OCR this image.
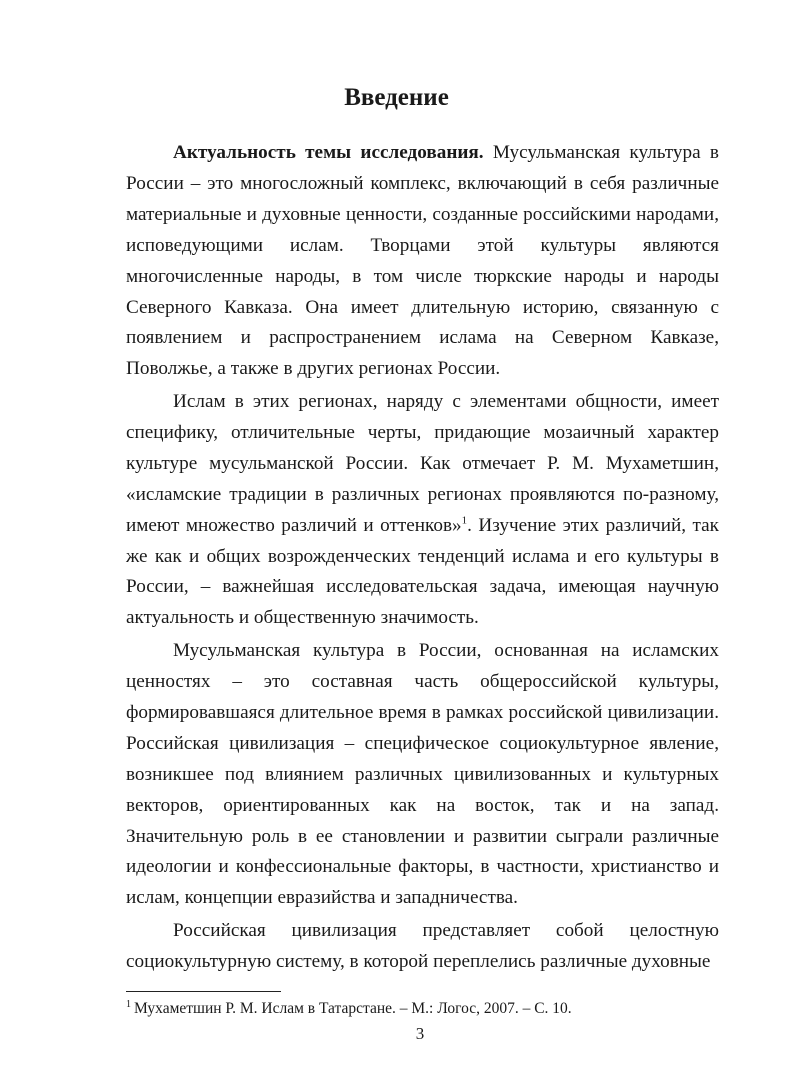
Введение

Актуальность темы исследования. Мусульманская культура в России – это многосложный комплекс, включающий в себя различные материальные и духовные ценности, созданные российскими народами, исповедующими ислам. Творцами этой культуры являются многочисленные народы, в том числе тюркские народы и народы Северного Кавказа. Она имеет длительную историю, связанную с появлением и распространением ислама на Северном Кавказе, Поволжье, а также в других регионах России.

Ислам в этих регионах, наряду с элементами общности, имеет специфику, отличительные черты, придающие мозаичный характер культуре мусульманской России. Как отмечает Р. М. Мухаметшин, «исламские традиции в различных регионах проявляются по-разному, имеют множество различий и оттенков»$^1$. Изучение этих различий, так же как и общих возрожденческих тенденций ислама и его культуры в России, – важнейшая исследовательская задача, имеющая научную актуальность и общественную значимость.

Мусульманская культура в России, основанная на исламских ценностях – это составная часть общероссийской культуры, формировавшаяся длительное время в рамках российской цивилизации. Российская цивилизация – специфическое социокультурное явление, возникшее под влиянием различных цивилизованных и культурных векторов, ориентированных как на восток, так и на запад. Значительную роль в ее становлении и развитии сыграли различные идеологии и конфессиональные факторы, в частности, христианство и ислам, концепции евразийства и западничества.

Российская цивилизация представляет собой целостную социокультурную систему, в которой переплелись различные духовные

$^1$ Мухаметшин Р. М. Ислам в Татарстане. – М.: Логос, 2007. – С. 10.

3
